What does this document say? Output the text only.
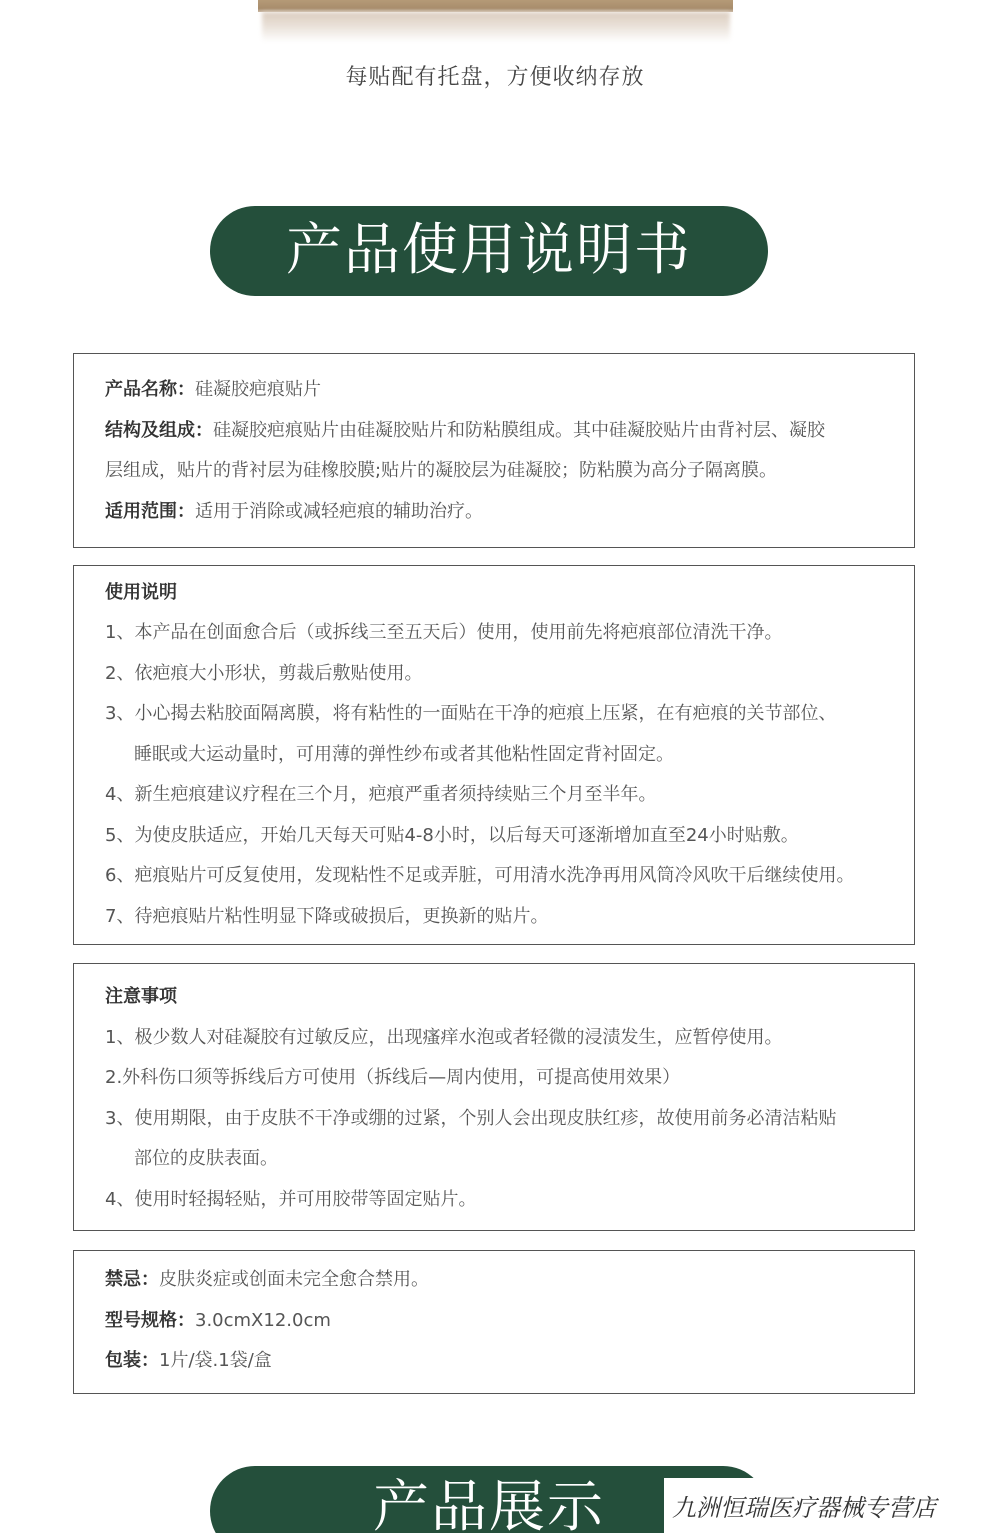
每贴配有托盘，方便收纳存放
产品使用说明书
产品名称：硅凝胶疤痕贴片
结构及组成：硅凝胶疤痕贴片由硅凝胶贴片和防粘膜组成。其中硅凝胶贴片由背衬层、凝胶
层组成，贴片的背衬层为硅橡胶膜;贴片的凝胶层为硅凝胶；防粘膜为高分子隔离膜。
适用范围：适用于消除或减轻疤痕的辅助治疗。
使用说明
1、本产品在创面愈合后（或拆线三至五天后）使用，使用前先将疤痕部位清洗干净。
2、依疤痕大小形状，剪裁后敷贴使用。
3、小心揭去粘胶面隔离膜，将有粘性的一面贴在干净的疤痕上压紧，在有疤痕的关节部位、
睡眠或大运动量时，可用薄的弹性纱布或者其他粘性固定背衬固定。
4、新生疤痕建议疗程在三个月，疤痕严重者须持续贴三个月至半年。
5、为使皮肤适应，开始几天每天可贴4-8小时，以后每天可逐渐增加直至24小时贴敷。
6、疤痕贴片可反复使用，发现粘性不足或弄脏，可用清水洗净再用风筒冷风吹干后继续使用。
7、待疤痕贴片粘性明显下降或破损后，更换新的贴片。
注意事项
1、极少数人对硅凝胶有过敏反应，出现瘙痒水泡或者轻微的浸渍发生，应暂停使用。
2.外科伤口须等拆线后方可使用（拆线后—周内使用，可提高使用效果）
3、使用期限，由于皮肤不干净或绷的过紧，个别人会出现皮肤红疹，故使用前务必清洁粘贴
部位的皮肤表面。
4、使用时轻揭轻贴，并可用胶带等固定贴片。
禁忌：皮肤炎症或创面未完全愈合禁用。
型号规格：3.0cmX12.0cm
包装：1片/袋.1袋/盒
产品展示	九洲恒瑞医疗器械专营店
